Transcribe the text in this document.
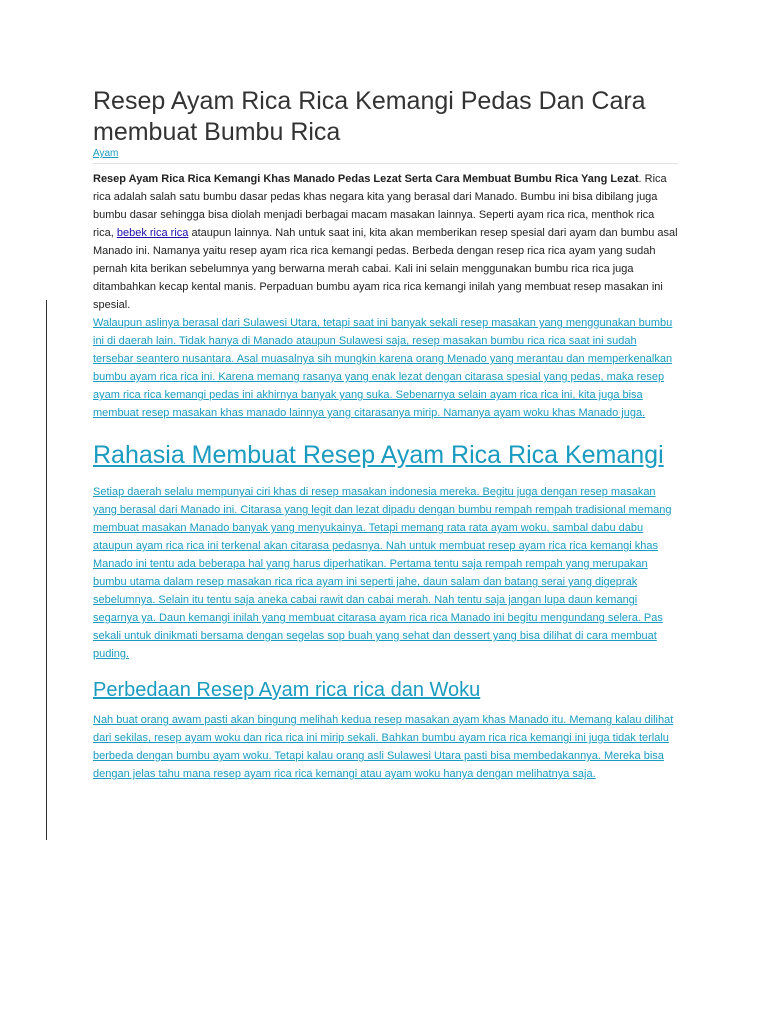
Resep Ayam Rica Rica Kemangi Pedas Dan Cara membuat Bumbu Rica
Ayam

Resep Ayam Rica Rica Kemangi Khas Manado Pedas Lezat Serta Cara Membuat Bumbu Rica Yang Lezat. Rica rica adalah salah satu bumbu dasar pedas khas negara kita yang berasal dari Manado. Bumbu ini bisa dibilang juga bumbu dasar sehingga bisa diolah menjadi berbagai macam masakan lainnya. Seperti ayam rica rica, menthok rica rica, bebek rica rica ataupun lainnya. Nah untuk saat ini, kita akan memberikan resep spesial dari ayam dan bumbu asal Manado ini. Namanya yaitu resep ayam rica rica kemangi pedas. Berbeda dengan resep rica rica ayam yang sudah pernah kita berikan sebelumnya yang berwarna merah cabai. Kali ini selain menggunakan bumbu rica rica juga ditambahkan kecap kental manis. Perpaduan bumbu ayam rica rica kemangi inilah yang membuat resep masakan ini spesial.

Walaupun aslinya berasal dari Sulawesi Utara, tetapi saat ini banyak sekali resep masakan yang menggunakan bumbu ini di daerah lain. Tidak hanya di Manado ataupun Sulawesi saja, resep masakan bumbu rica rica saat ini sudah tersebar seantero nusantara. Asal muasalnya sih mungkin karena orang Menado yang merantau dan memperkenalkan bumbu ayam rica rica ini. Karena memang rasanya yang enak lezat dengan citarasa spesial yang pedas, maka resep ayam rica rica kemangi pedas ini akhirnya banyak yang suka. Sebenarnya selain ayam rica rica ini, kita juga bisa membuat resep masakan khas manado lainnya yang citarasanya mirip. Namanya ayam woku khas Manado juga.

Rahasia Membuat Resep Ayam Rica Rica Kemangi

Setiap daerah selalu mempunyai ciri khas di resep masakan indonesia mereka. Begitu juga dengan resep masakan yang berasal dari Manado ini. Citarasa yang legit dan lezat dipadu dengan bumbu rempah rempah tradisional memang membuat masakan Manado banyak yang menyukainya. Tetapi memang rata rata ayam woku, sambal dabu dabu ataupun ayam rica rica ini terkenal akan citarasa pedasnya. Nah untuk membuat resep ayam rica rica kemangi khas Manado ini tentu ada beberapa hal yang harus diperhatikan. Pertama tentu saja rempah rempah yang merupakan bumbu utama dalam resep masakan rica rica ayam ini seperti jahe, daun salam dan batang serai yang digeprak sebelumnya. Selain itu tentu saja aneka cabai rawit dan cabai merah. Nah tentu saja jangan lupa daun kemangi segarnya ya. Daun kemangi inilah yang membuat citarasa ayam rica rica Manado ini begitu mengundang selera. Pas sekali untuk dinikmati bersama dengan segelas sop buah yang sehat dan dessert yang bisa dilihat di cara membuat puding.

Perbedaan Resep Ayam rica rica dan Woku

Nah buat orang awam pasti akan bingung melihah kedua resep masakan ayam khas Manado itu. Memang kalau dilihat dari sekilas, resep ayam woku dan rica rica ini mirip sekali. Bahkan bumbu ayam rica rica kemangi ini juga tidak terlalu berbeda dengan bumbu ayam woku. Tetapi kalau orang asli Sulawesi Utara pasti bisa membedakannya. Mereka bisa dengan jelas tahu mana resep ayam rica rica kemangi atau ayam woku hanya dengan melihatnya saja.
